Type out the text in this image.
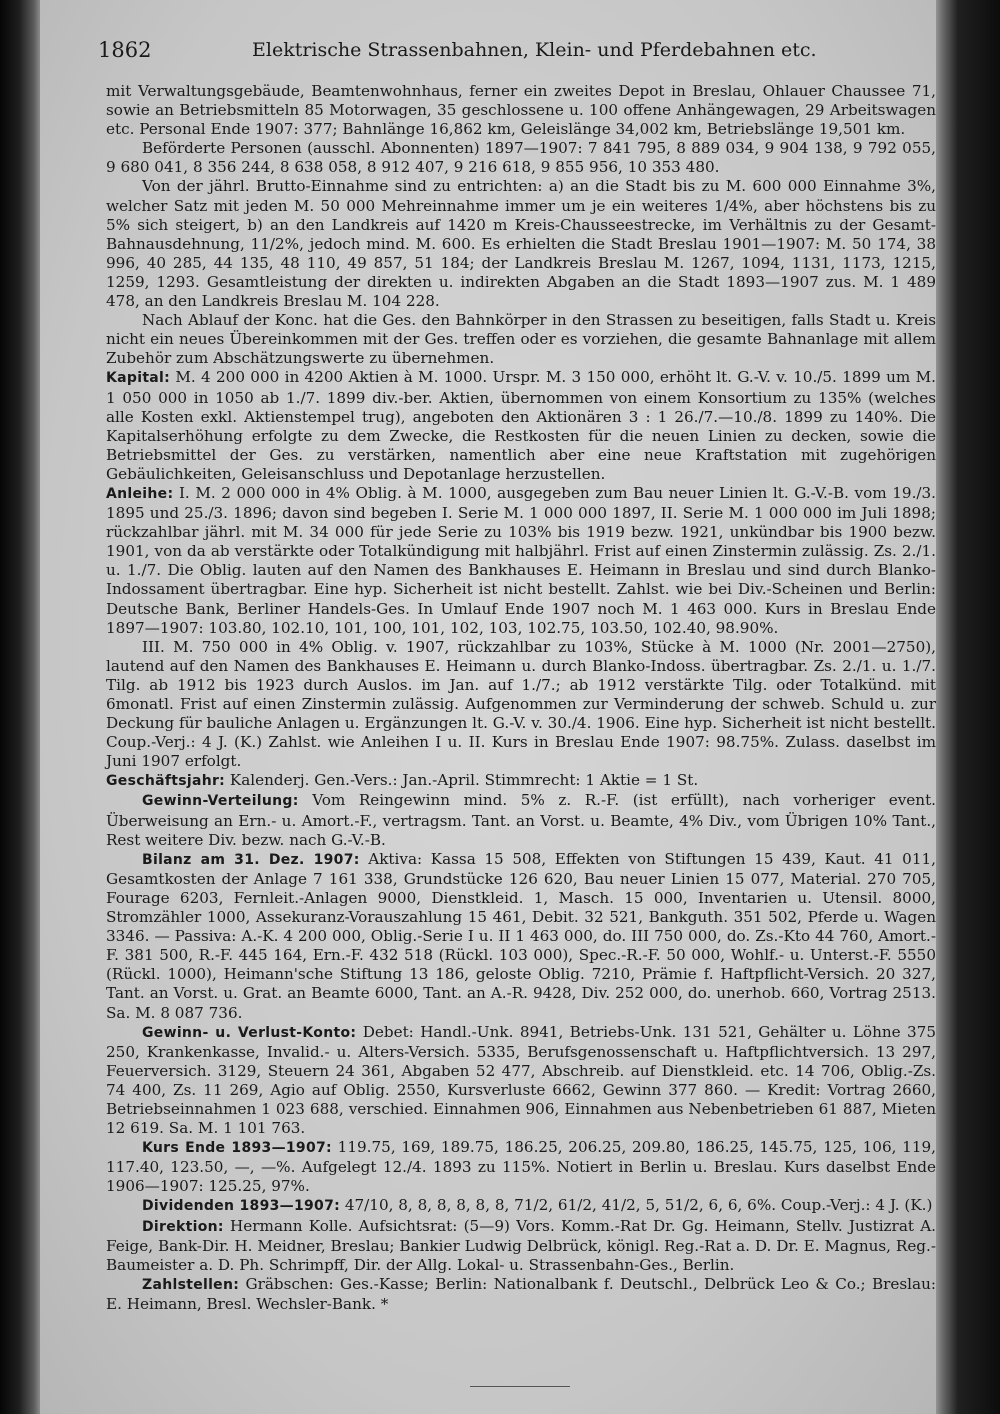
1862	Elektrische Strassenbahnen, Klein- und Pferdebahnen etc.

mit Verwaltungsgebäude, Beamtenwohnhaus, ferner ein zweites Depot in Breslau, Ohlauer Chaussee 71, sowie an Betriebsmitteln 85 Motorwagen, 35 geschlossene u. 100 offene Anhängewagen, 29 Arbeitswagen etc. Personal Ende 1907: 377; Bahnlänge 16,862 km, Geleislänge 34,002 km, Betriebslänge 19,501 km.

Beförderte Personen (ausschl. Abonnenten) 1897—1907: 7 841 795, 8 889 034, 9 904 138, 9 792 055, 9 680 041, 8 356 244, 8 638 058, 8 912 407, 9 216 618, 9 855 956, 10 353 480.

Von der jährl. Brutto-Einnahme sind zu entrichten: a) an die Stadt bis zu M. 600 000 Einnahme 3%, welcher Satz mit jeden M. 50 000 Mehreinnahme immer um je ein weiteres 1/4%, aber höchstens bis zu 5% sich steigert, b) an den Landkreis auf 1420 m Kreis-Chausseestrecke, im Verhältnis zu der Gesamt-Bahnausdehnung, 11/2%, jedoch mind. M. 600. Es erhielten die Stadt Breslau 1901—1907: M. 50 174, 38 996, 40 285, 44 135, 48 110, 49 857, 51 184; der Landkreis Breslau M. 1267, 1094, 1131, 1173, 1215, 1259, 1293. Gesamtleistung der direkten u. indirekten Abgaben an die Stadt 1893—1907 zus. M. 1 489 478, an den Landkreis Breslau M. 104 228.

Nach Ablauf der Konc. hat die Ges. den Bahnkörper in den Strassen zu beseitigen, falls Stadt u. Kreis nicht ein neues Übereinkommen mit der Ges. treffen oder es vorziehen, die gesamte Bahnanlage mit allem Zubehör zum Abschätzungswerte zu übernehmen.

Kapital: M. 4 200 000 in 4200 Aktien à M. 1000. Urspr. M. 3 150 000, erhöht lt. G.-V. v. 10./5. 1899 um M. 1 050 000 in 1050 ab 1./7. 1899 div.-ber. Aktien, übernommen von einem Konsortium zu 135% (welches alle Kosten exkl. Aktienstempel trug), angeboten den Aktionären 3 : 1 26./7.—10./8. 1899 zu 140%. Die Kapitalserhöhung erfolgte zu dem Zwecke, die Restkosten für die neuen Linien zu decken, sowie die Betriebsmittel der Ges. zu verstärken, namentlich aber eine neue Kraftstation mit zugehörigen Gebäulichkeiten, Geleisanschluss und Depotanlage herzustellen.

Anleihe: I. M. 2 000 000 in 4% Oblig. à M. 1000, ausgegeben zum Bau neuer Linien lt. G.-V.-B. vom 19./3. 1895 und 25./3. 1896; davon sind begeben I. Serie M. 1 000 000 1897, II. Serie M. 1 000 000 im Juli 1898; rückzahlbar jährl. mit M. 34 000 für jede Serie zu 103% bis 1919 bezw. 1921, unkündbar bis 1900 bezw. 1901, von da ab verstärkte oder Totalkündigung mit halbjährl. Frist auf einen Zinstermin zulässig. Zs. 2./1. u. 1./7. Die Oblig. lauten auf den Namen des Bankhauses E. Heimann in Breslau und sind durch Blanko-Indossament übertragbar. Eine hyp. Sicherheit ist nicht bestellt. Zahlst. wie bei Div.-Scheinen und Berlin: Deutsche Bank, Berliner Handels-Ges. In Umlauf Ende 1907 noch M. 1 463 000. Kurs in Breslau Ende 1897—1907: 103.80, 102.10, 101, 100, 101, 102, 103, 102.75, 103.50, 102.40, 98.90%.

III. M. 750 000 in 4% Oblig. v. 1907, rückzahlbar zu 103%, Stücke à M. 1000 (Nr. 2001—2750), lautend auf den Namen des Bankhauses E. Heimann u. durch Blanko-Indoss. übertragbar. Zs. 2./1. u. 1./7. Tilg. ab 1912 bis 1923 durch Auslos. im Jan. auf 1./7.; ab 1912 verstärkte Tilg. oder Totalkünd. mit 6monatl. Frist auf einen Zinstermin zulässig. Aufgenommen zur Verminderung der schweb. Schuld u. zur Deckung für bauliche Anlagen u. Ergänzungen lt. G.-V. v. 30./4. 1906. Eine hyp. Sicherheit ist nicht bestellt. Coup.-Verj.: 4 J. (K.) Zahlst. wie Anleihen I u. II. Kurs in Breslau Ende 1907: 98.75%. Zulass. daselbst im Juni 1907 erfolgt.

Geschäftsjahr: Kalenderj. Gen.-Vers.: Jan.-April. Stimmrecht: 1 Aktie = 1 St.

Gewinn-Verteilung: Vom Reingewinn mind. 5% z. R.-F. (ist erfüllt), nach vorheriger event. Überweisung an Ern.- u. Amort.-F., vertragsm. Tant. an Vorst. u. Beamte, 4% Div., vom Übrigen 10% Tant., Rest weitere Div. bezw. nach G.-V.-B.

Bilanz am 31. Dez. 1907: Aktiva: Kassa 15 508, Effekten von Stiftungen 15 439, Kaut. 41 011, Gesamtkosten der Anlage 7 161 338, Grundstücke 126 620, Bau neuer Linien 15 077, Material. 270 705, Fourage 6203, Fernleit.-Anlagen 9000, Dienstkleid. 1, Masch. 15 000, Inventarien u. Utensil. 8000, Stromzähler 1000, Assekuranz-Vorauszahlung 15 461, Debit. 32 521, Bankguth. 351 502, Pferde u. Wagen 3346. — Passiva: A.-K. 4 200 000, Oblig.-Serie I u. II 1 463 000, do. III 750 000, do. Zs.-Kto 44 760, Amort.-F. 381 500, R.-F. 445 164, Ern.-F. 432 518 (Rückl. 103 000), Spec.-R.-F. 50 000, Wohlf.- u. Unterst.-F. 5550 (Rückl. 1000), Heimann'sche Stiftung 13 186, geloste Oblig. 7210, Prämie f. Haftpflicht-Versich. 20 327, Tant. an Vorst. u. Grat. an Beamte 6000, Tant. an A.-R. 9428, Div. 252 000, do. unerhob. 660, Vortrag 2513. Sa. M. 8 087 736.

Gewinn- u. Verlust-Konto: Debet: Handl.-Unk. 8941, Betriebs-Unk. 131 521, Gehälter u. Löhne 375 250, Krankenkasse, Invalid.- u. Alters-Versich. 5335, Berufsgenossenschaft u. Haftpflichtversich. 13 297, Feuerversich. 3129, Steuern 24 361, Abgaben 52 477, Abschreib. auf Dienstkleid. etc. 14 706, Oblig.-Zs. 74 400, Zs. 11 269, Agio auf Oblig. 2550, Kursverluste 6662, Gewinn 377 860. — Kredit: Vortrag 2660, Betriebseinnahmen 1 023 688, verschied. Einnahmen 906, Einnahmen aus Nebenbetrieben 61 887, Mieten 12 619. Sa. M. 1 101 763.

Kurs Ende 1893—1907: 119.75, 169, 189.75, 186.25, 206.25, 209.80, 186.25, 145.75, 125, 106, 119, 117.40, 123.50, —, —%. Aufgelegt 12./4. 1893 zu 115%. Notiert in Berlin u. Breslau. Kurs daselbst Ende 1906—1907: 125.25, 97%.

Dividenden 1893—1907: 47/10, 8, 8, 8, 8, 8, 8, 71/2, 61/2, 41/2, 5, 51/2, 6, 6, 6%. Coup.-Verj.: 4 J. (K.)

Direktion: Hermann Kolle. Aufsichtsrat: (5—9) Vors. Komm.-Rat Dr. Gg. Heimann, Stellv. Justizrat A. Feige, Bank-Dir. H. Meidner, Breslau; Bankier Ludwig Delbrück, königl. Reg.-Rat a. D. Dr. E. Magnus, Reg.-Baumeister a. D. Ph. Schrimpff, Dir. der Allg. Lokal- u. Strassenbahn-Ges., Berlin.

Zahlstellen: Gräbschen: Ges.-Kasse; Berlin: Nationalbank f. Deutschl., Delbrück Leo & Co.; Breslau: E. Heimann, Bresl. Wechsler-Bank. *
